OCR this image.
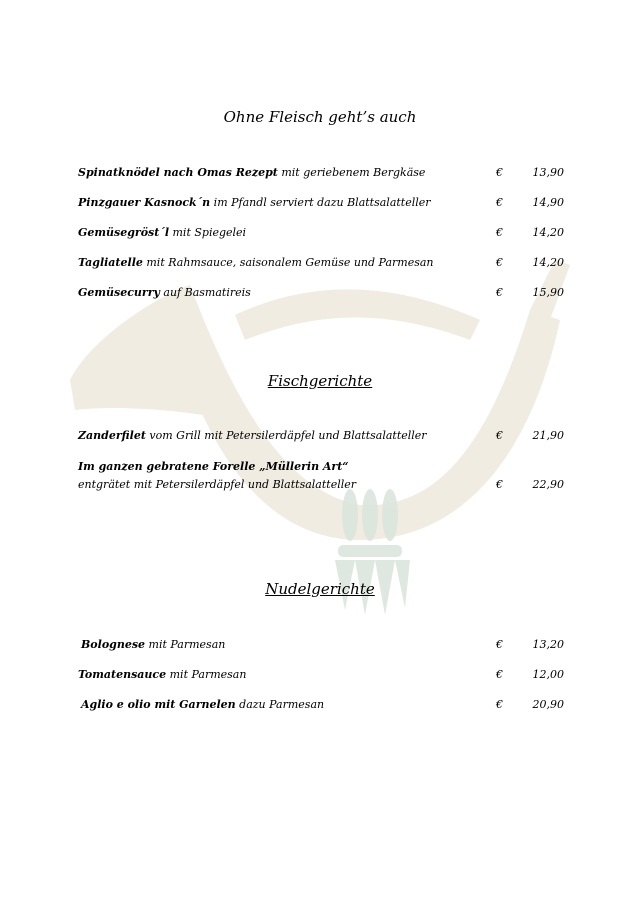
Ohne Fleisch geht’s auch
Spinatknödel nach Omas Rezept mit geriebenem Bergkäse	€	13,90
Pinzgauer Kasnock´n im Pfandl serviert dazu Blattsalatteller	€	14,90
Gemüsegröst´l mit Spiegelei	€	14,20
Tagliatelle mit Rahmsauce, saisonalem Gemüse und Parmesan	€	14,20
Gemüsecurry auf Basmatireis	€	15,90
Fischgerichte
Zanderfilet vom Grill mit Petersilerdäpfel und Blattsalatteller	€	21,90
Im ganzen gebratene Forelle „Müllerin Art“
entgrätet mit Petersilerdäpfel und Blattsalatteller	€	22,90
Nudelgerichte
Bolognese mit Parmesan	€	13,20
Tomatensauce mit Parmesan	€	12,00
Aglio e olio mit Garnelen dazu Parmesan	€	20,90
